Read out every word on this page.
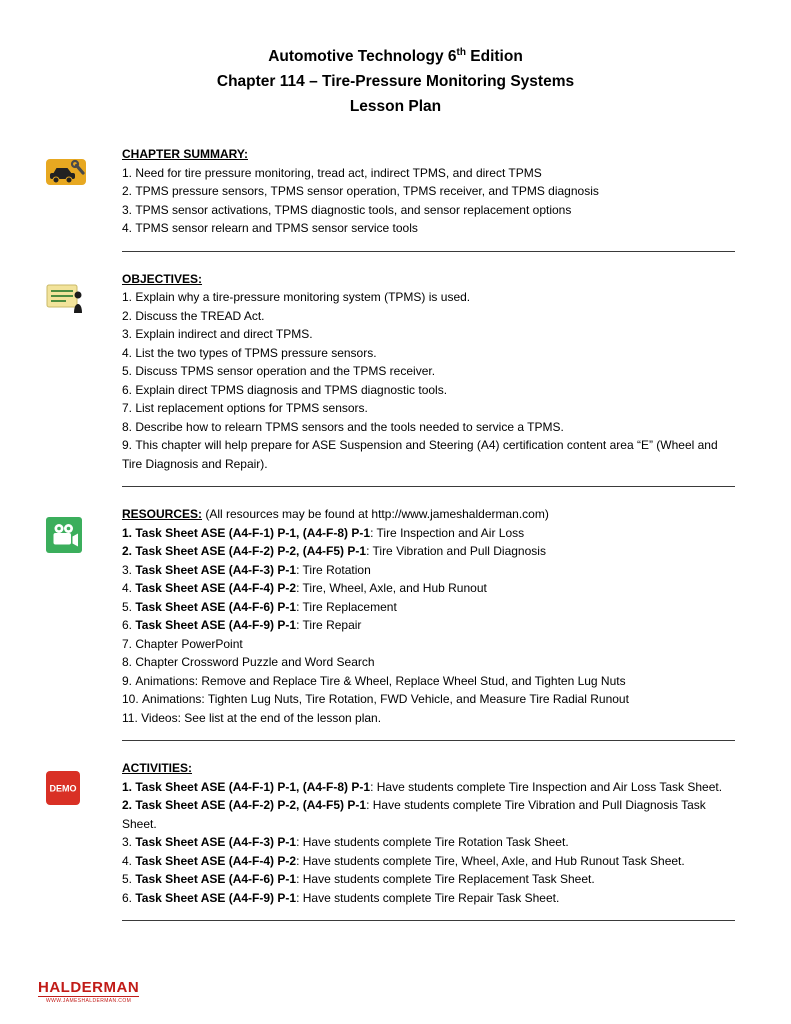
Automotive Technology 6th Edition
Chapter 114 – Tire-Pressure Monitoring Systems
Lesson Plan
CHAPTER SUMMARY:
1. Need for tire pressure monitoring, tread act, indirect TPMS, and direct TPMS
2. TPMS pressure sensors, TPMS sensor operation, TPMS receiver, and TPMS diagnosis
3. TPMS sensor activations, TPMS diagnostic tools, and sensor replacement options
4. TPMS sensor relearn and TPMS sensor service tools
OBJECTIVES:
1. Explain why a tire-pressure monitoring system (TPMS) is used.
2. Discuss the TREAD Act.
3. Explain indirect and direct TPMS.
4. List the two types of TPMS pressure sensors.
5. Discuss TPMS sensor operation and the TPMS receiver.
6. Explain direct TPMS diagnosis and TPMS diagnostic tools.
7. List replacement options for TPMS sensors.
8. Describe how to relearn TPMS sensors and the tools needed to service a TPMS.
9. This chapter will help prepare for ASE Suspension and Steering (A4) certification content area “E” (Wheel and Tire Diagnosis and Repair).
RESOURCES: (All resources may be found at http://www.jameshalderman.com)
1. Task Sheet ASE (A4-F-1) P-1, (A4-F-8) P-1: Tire Inspection and Air Loss
2. Task Sheet ASE (A4-F-2) P-2, (A4-F5) P-1: Tire Vibration and Pull Diagnosis
3. Task Sheet ASE (A4-F-3) P-1: Tire Rotation
4. Task Sheet ASE (A4-F-4) P-2: Tire, Wheel, Axle, and Hub Runout
5. Task Sheet ASE (A4-F-6) P-1: Tire Replacement
6. Task Sheet ASE (A4-F-9) P-1: Tire Repair
7. Chapter PowerPoint
8. Chapter Crossword Puzzle and Word Search
9. Animations: Remove and Replace Tire & Wheel, Replace Wheel Stud, and Tighten Lug Nuts
10. Animations: Tighten Lug Nuts, Tire Rotation, FWD Vehicle, and Measure Tire Radial Runout
11. Videos: See list at the end of the lesson plan.
DEMO
ACTIVITIES:
1. Task Sheet ASE (A4-F-1) P-1, (A4-F-8) P-1: Have students complete Tire Inspection and Air Loss Task Sheet.
2. Task Sheet ASE (A4-F-2) P-2, (A4-F5) P-1: Have students complete Tire Vibration and Pull Diagnosis Task Sheet.
3. Task Sheet ASE (A4-F-3) P-1: Have students complete Tire Rotation Task Sheet.
4. Task Sheet ASE (A4-F-4) P-2: Have students complete Tire, Wheel, Axle, and Hub Runout Task Sheet.
5. Task Sheet ASE (A4-F-6) P-1: Have students complete Tire Replacement Task Sheet.
6. Task Sheet ASE (A4-F-9) P-1: Have students complete Tire Repair Task Sheet.
HALDERMAN
WWW.JAMESHALDERMAN.COM
